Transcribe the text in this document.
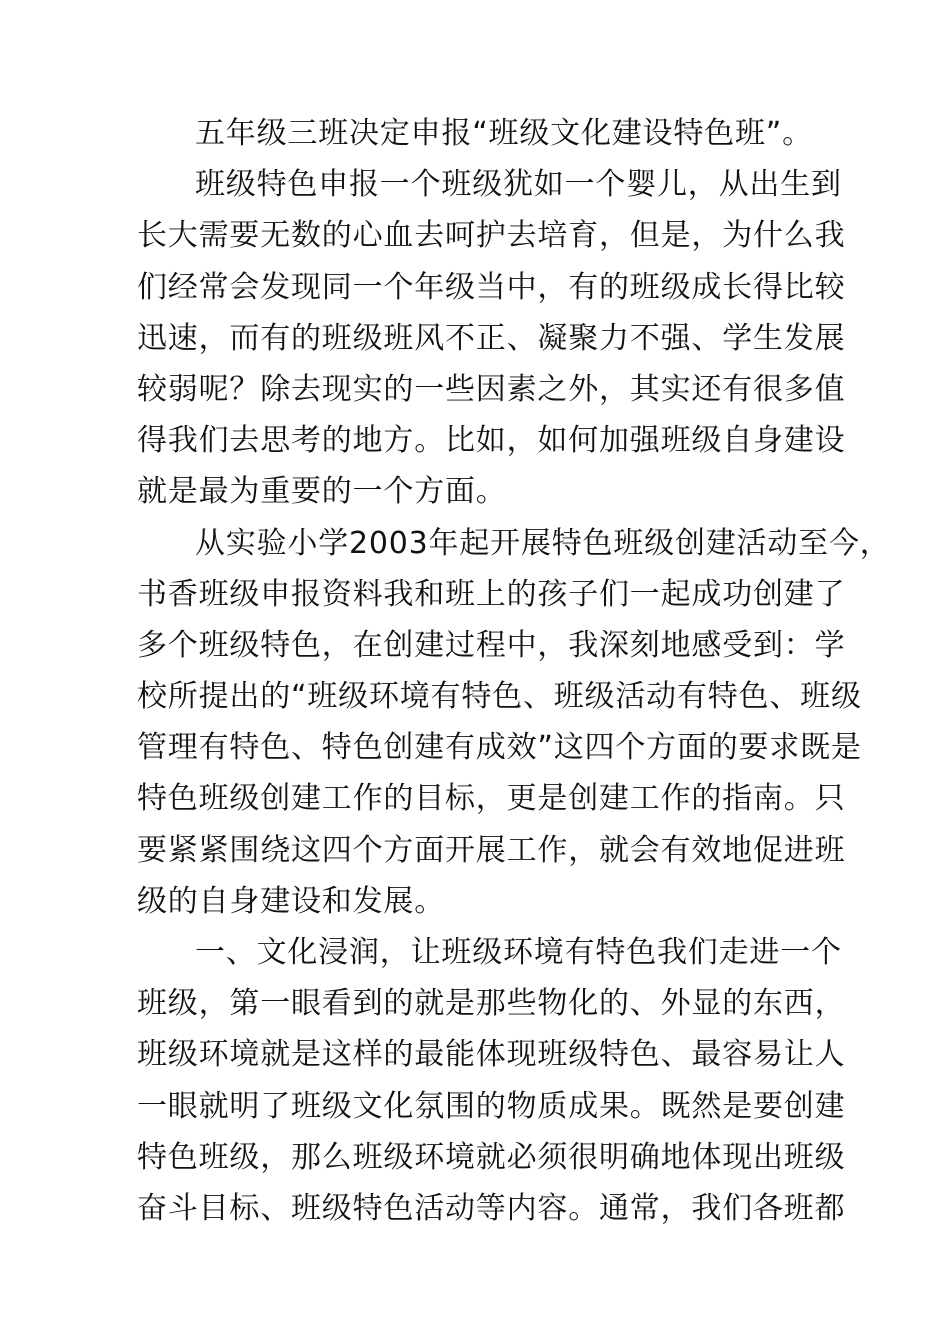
五年级三班决定申报“班级文化建设特色班”。
班级特色申报一个班级犹如一个婴儿，从出生到
长大需要无数的心血去呵护去培育，但是，为什么我
们经常会发现同一个年级当中，有的班级成长得比较
迅速，而有的班级班风不正、凝聚力不强、学生发展
较弱呢？除去现实的一些因素之外，其实还有很多值
得我们去思考的地方。比如，如何加强班级自身建设
就是最为重要的一个方面。
从实验小学2003年起开展特色班级创建活动至今，
书香班级申报资料我和班上的孩子们一起成功创建了
多个班级特色，在创建过程中，我深刻地感受到：学
校所提出的“班级环境有特色、班级活动有特色、班级
管理有特色、特色创建有成效”这四个方面的要求既是
特色班级创建工作的目标，更是创建工作的指南。只
要紧紧围绕这四个方面开展工作，就会有效地促进班
级的自身建设和发展。
一、文化浸润，让班级环境有特色我们走进一个
班级，第一眼看到的就是那些物化的、外显的东西，
班级环境就是这样的最能体现班级特色、最容易让人
一眼就明了班级文化氛围的物质成果。既然是要创建
特色班级，那么班级环境就必须很明确地体现出班级
奋斗目标、班级特色活动等内容。通常，我们各班都
